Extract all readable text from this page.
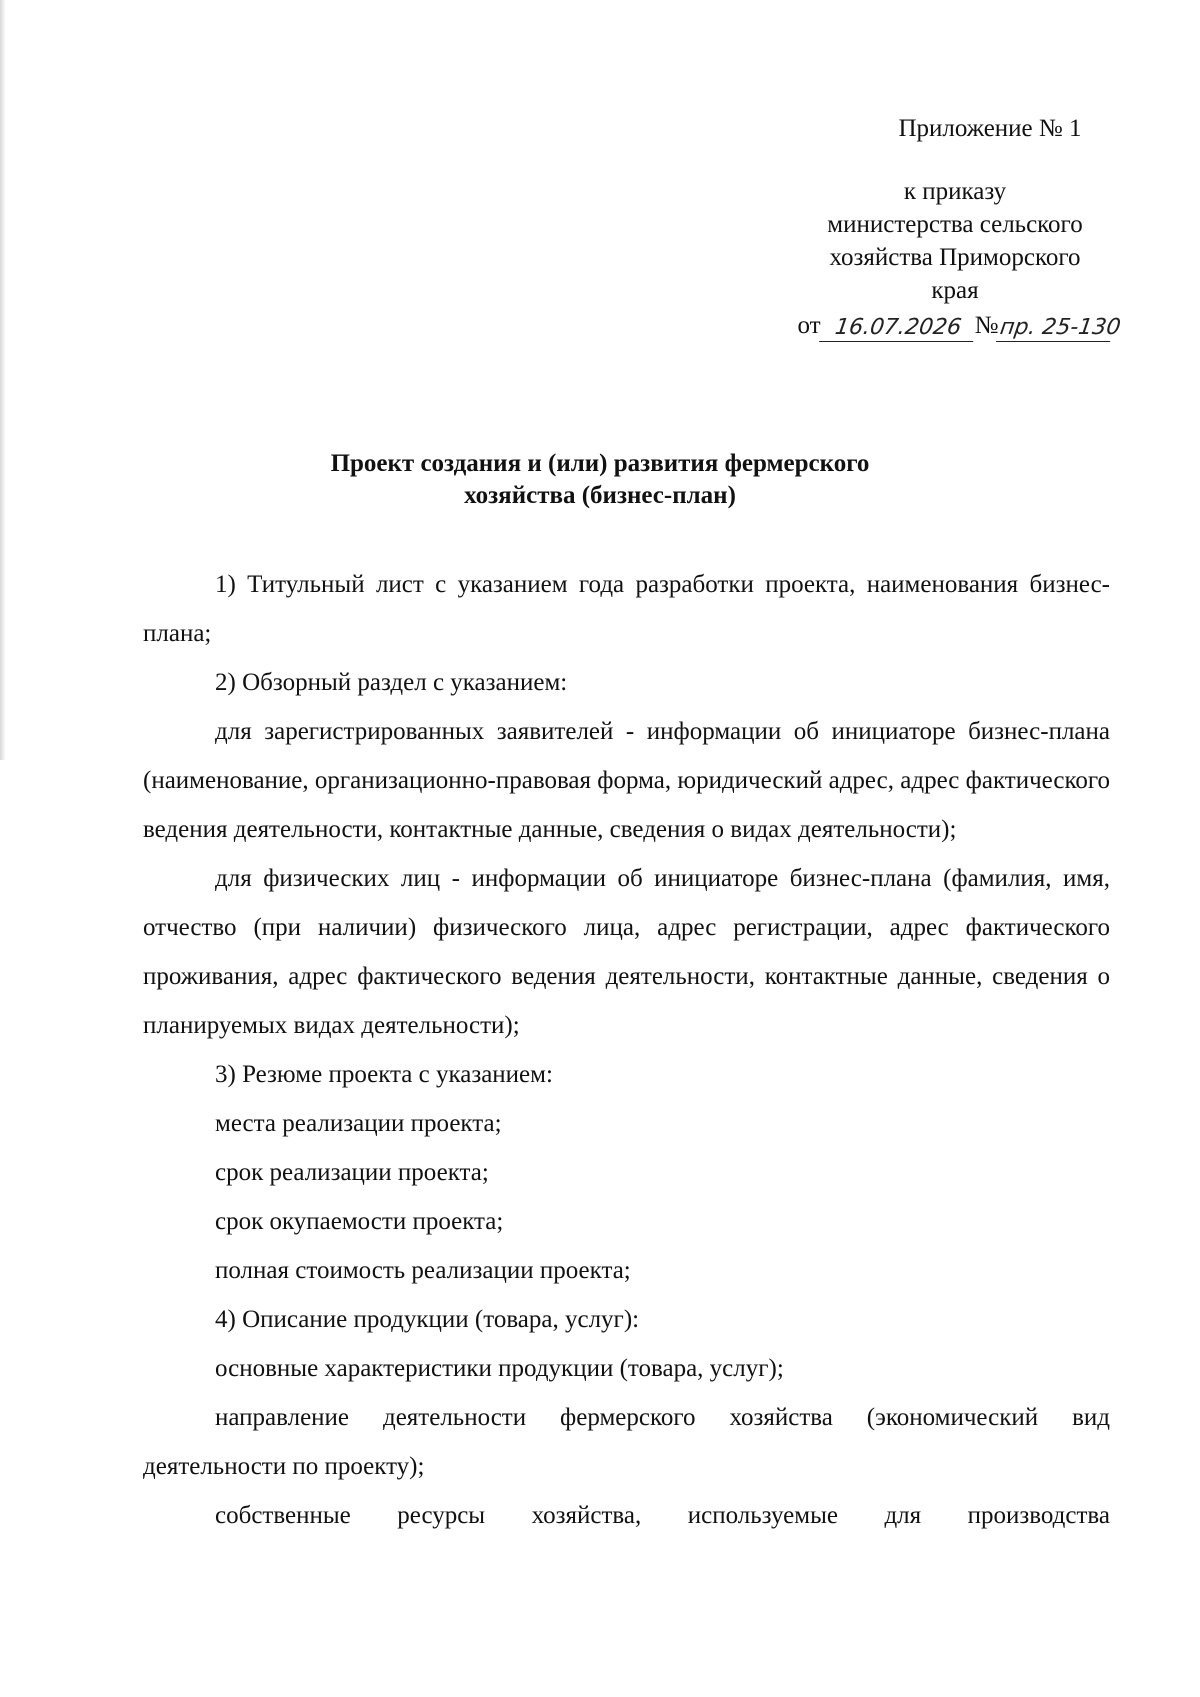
Приложение № 1
к приказу
министерства сельского
хозяйства Приморского
края
от 16.07.2026 № пр. 25-130
Проект создания и (или) развития фермерского
хозяйства (бизнес-план)

1) Титульный лист с указанием года разработки проекта, наименования бизнес-плана;

2) Обзорный раздел с указанием:

для зарегистрированных заявителей - информации об инициаторе бизнес-плана (наименование, организационно-правовая форма, юридический адрес, адрес фактического ведения деятельности, контактные данные, сведения о видах деятельности);

для физических лиц - информации об инициаторе бизнес-плана (фамилия, имя, отчество (при наличии) физического лица, адрес регистрации, адрес фактического проживания, адрес фактического ведения деятельности, контактные данные, сведения о планируемых видах деятельности);

3) Резюме проекта с указанием:

места реализации проекта;

срок реализации проекта;

срок окупаемости проекта;

полная стоимость реализации проекта;

4) Описание продукции (товара, услуг):

основные характеристики продукции (товара, услуг);

направление деятельности фермерского хозяйства (экономический вид деятельности по проекту);

собственные ресурсы хозяйства, используемые для производства
